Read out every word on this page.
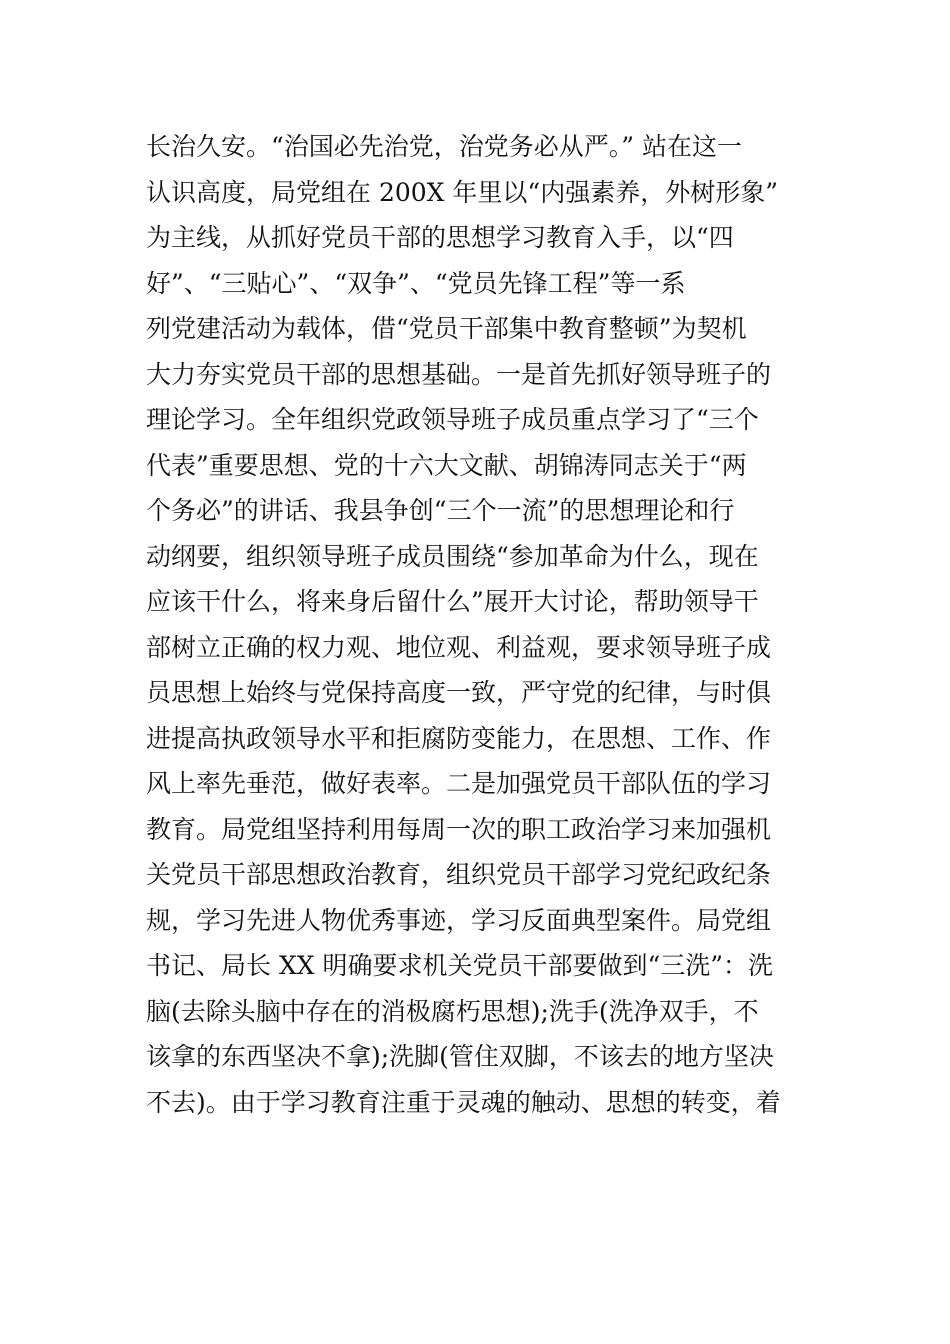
长治久安。“治国必先治党，治党务必从严。” 站在这一
认识高度，局党组在 200X 年里以“内强素养，外树形象”
为主线，从抓好党员干部的思想学习教育入手，以“四
好”、“三贴心”、“双争”、“党员先锋工程”等一系
列党建活动为载体，借“党员干部集中教育整顿”为契机
大力夯实党员干部的思想基础。一是首先抓好领导班子的
理论学习。全年组织党政领导班子成员重点学习了“三个
代表”重要思想、党的十六大文献、胡锦涛同志关于“两
个务必”的讲话、我县争创“三个一流”的思想理论和行
动纲要，组织领导班子成员围绕“参加革命为什么，现在
应该干什么，将来身后留什么”展开大讨论，帮助领导干
部树立正确的权力观、地位观、利益观，要求领导班子成
员思想上始终与党保持高度一致，严守党的纪律，与时俱
进提高执政领导水平和拒腐防变能力，在思想、工作、作
风上率先垂范，做好表率。二是加强党员干部队伍的学习
教育。局党组坚持利用每周一次的职工政治学习来加强机
关党员干部思想政治教育，组织党员干部学习党纪政纪条
规，学习先进人物优秀事迹，学习反面典型案件。局党组
书记、局长 XX 明确要求机关党员干部要做到“三洗”：洗
脑(去除头脑中存在的消极腐朽思想);洗手(洗净双手，不
该拿的东西坚决不拿);洗脚(管住双脚，不该去的地方坚决
不去)。由于学习教育注重于灵魂的触动、思想的转变，着
